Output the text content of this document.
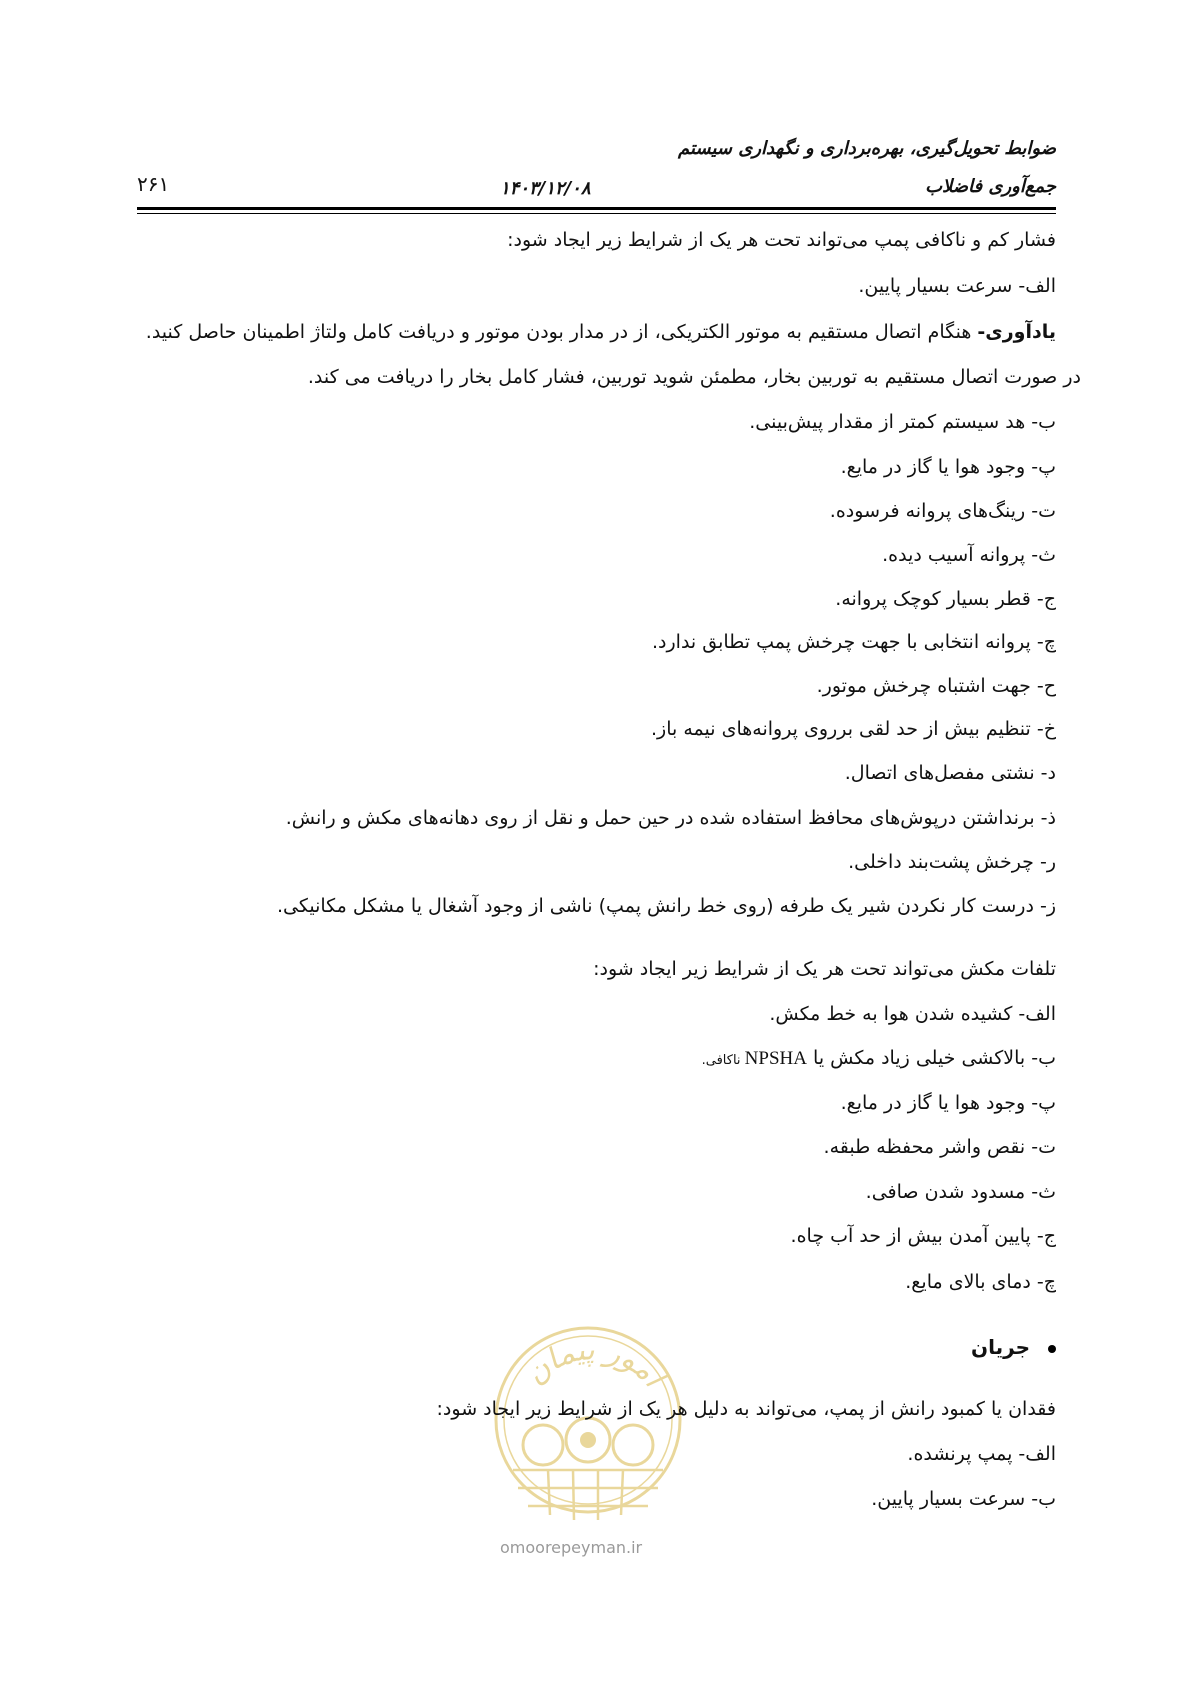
ضوابط تحویل‌گیری، بهره‌برداری و نگهداری سیستم
جمع‌آوری فاضلاب
۱۴۰۳/۱۲/۰۸
۲۶۱
فشار کم و ناکافی پمپ می‌تواند تحت هر یک از شرایط زیر ایجاد شود:
الف- سرعت بسیار پایین.
یادآوری- هنگام اتصال مستقیم به موتور الکتریکی، از در مدار بودن موتور و دریافت کامل ولتاژ اطمینان حاصل کنید.
در صورت اتصال مستقیم به توربین بخار، مطمئن شوید توربین، فشار کامل بخار را دریافت می کند.
ب- هد سیستم کمتر از مقدار پیش‌بینی.
پ- وجود هوا یا گاز در مایع.
ت- رینگ‌های پروانه فرسوده.
ث- پروانه آسیب دیده.
ج- قطر بسیار کوچک پروانه.
چ- پروانه انتخابی با جهت چرخش پمپ تطابق ندارد.
ح- جهت اشتباه چرخش موتور.
خ- تنظیم بیش از حد لقی برروی پروانه‌های نیمه باز.
د- نشتی مفصل‌های اتصال.
ذ- برنداشتن درپوش‌های محافظ استفاده شده در حین حمل و نقل از روی دهانه‌های مکش و رانش.
ر- چرخش پشت‌بند داخلی.
ز- درست کار نکردن شیر یک طرفه (روی خط رانش پمپ) ناشی از وجود آشغال یا مشکل مکانیکی.
تلفات مکش می‌تواند تحت هر یک از شرایط زیر ایجاد شود:
الف- کشیده شدن هوا به خط مکش.
ب- بالاکشی خیلی زیاد مکش یا NPSHA ناکافی.
پ- وجود هوا یا گاز در مایع.
ت- نقص واشر محفظه طبقه.
ث- مسدود شدن صافی.
ج- پایین آمدن بیش از حد آب چاه.
چ- دمای بالای مایع.
جریان
امور پیمان
omoorepeyman.ir
فقدان یا کمبود رانش از پمپ، می‌تواند به دلیل هر یک از شرایط زیر ایجاد شود:
الف- پمپ پرنشده.
ب- سرعت بسیار پایین.
